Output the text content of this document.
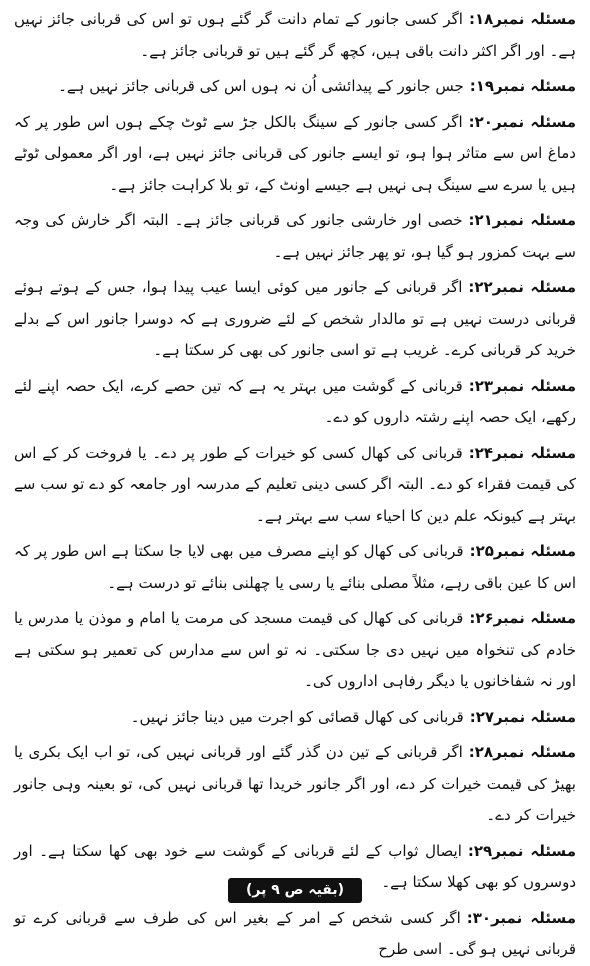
مسئلہ نمبر۱۸:اگر کسی جانور کے تمام دانت گر گئے ہوں تو اس کی قربانی جائز نہیں ہے۔ اور اگر اکثر دانت باقی ہیں، کچھ گر گئے ہیں تو قربانی جائز ہے۔

مسئلہ نمبر۱۹:جس جانور کے پیدائشی اُن نہ ہوں اس کی قربانی جائز نہیں ہے۔

مسئلہ نمبر۲۰:اگر کسی جانور کے سینگ بالکل جڑ سے ٹوٹ چکے ہوں اس طور پر کہ دماغ اس سے متاثر ہوا ہو، تو ایسے جانور کی قربانی جائز نہیں ہے، اور اگر معمولی ٹوٹے ہیں یا سرے سے سینگ ہی نہیں ہے جیسے اونٹ کے، تو بلا کراہت جائز ہے۔

مسئلہ نمبر۲۱:خصی اور خارشی جانور کی قربانی جائز ہے۔ البتہ اگر خارش کی وجہ سے بہت کمزور ہو گیا ہو، تو پھر جائز نہیں ہے۔

مسئلہ نمبر۲۲:اگر قربانی کے جانور میں کوئی ایسا عیب پیدا ہوا، جس کے ہوتے ہوئے قربانی درست نہیں ہے تو مالدار شخص کے لئے ضروری ہے کہ دوسرا جانور اس کے بدلے خرید کر قربانی کرے۔ غریب ہے تو اسی جانور کی بھی کر سکتا ہے۔

مسئلہ نمبر۲۳:قربانی کے گوشت میں بہتر یہ ہے کہ تین حصے کرے، ایک حصہ اپنے لئے رکھے، ایک حصہ اپنے رشتہ داروں کو دے۔

مسئلہ نمبر۲۴:قربانی کی کھال کسی کو خیرات کے طور پر دے۔ یا فروخت کر کے اس کی قیمت فقراء کو دے۔ البتہ اگر کسی دینی تعلیم کے مدرسہ اور جامعہ کو دے تو سب سے بہتر ہے کیونکہ علم دین کا احیاء سب سے بہتر ہے۔

مسئلہ نمبر۲۵:قربانی کی کھال کو اپنے مصرف میں بھی لایا جا سکتا ہے اس طور پر کہ اس کا عین باقی رہے، مثلاً مصلی بنائے یا رسی یا چھلنی بنائے تو درست ہے۔

مسئلہ نمبر۲۶:قربانی کی کھال کی قیمت مسجد کی مرمت یا امام و موذن یا مدرس یا خادم کی تنخواہ میں نہیں دی جا سکتی۔ نہ تو اس سے مدارس کی تعمیر ہو سکتی ہے اور نہ شفاخانوں یا دیگر رفاہی اداروں کی۔

مسئلہ نمبر۲۷:قربانی کی کھال قصائی کو اجرت میں دینا جائز نہیں۔

مسئلہ نمبر۲۸:اگر قربانی کے تین دن گذر گئے اور قربانی نہیں کی، تو اب ایک بکری یا بھیڑ کی قیمت خیرات کر دے، اور اگر جانور خریدا تھا قربانی نہیں کی، تو بعینہ وہی جانور خیرات کر دے۔

مسئلہ نمبر۲۹:ایصال ثواب کے لئے قربانی کے گوشت سے خود بھی کھا سکتا ہے۔ اور دوسروں کو بھی کھلا سکتا ہے۔

مسئلہ نمبر۳۰:اگر کسی شخص کے امر کے بغیر اس کی طرف سے قربانی کرے تو قربانی نہیں ہو گی۔ اسی طرح

(بقیہ ص ۹ پر)
